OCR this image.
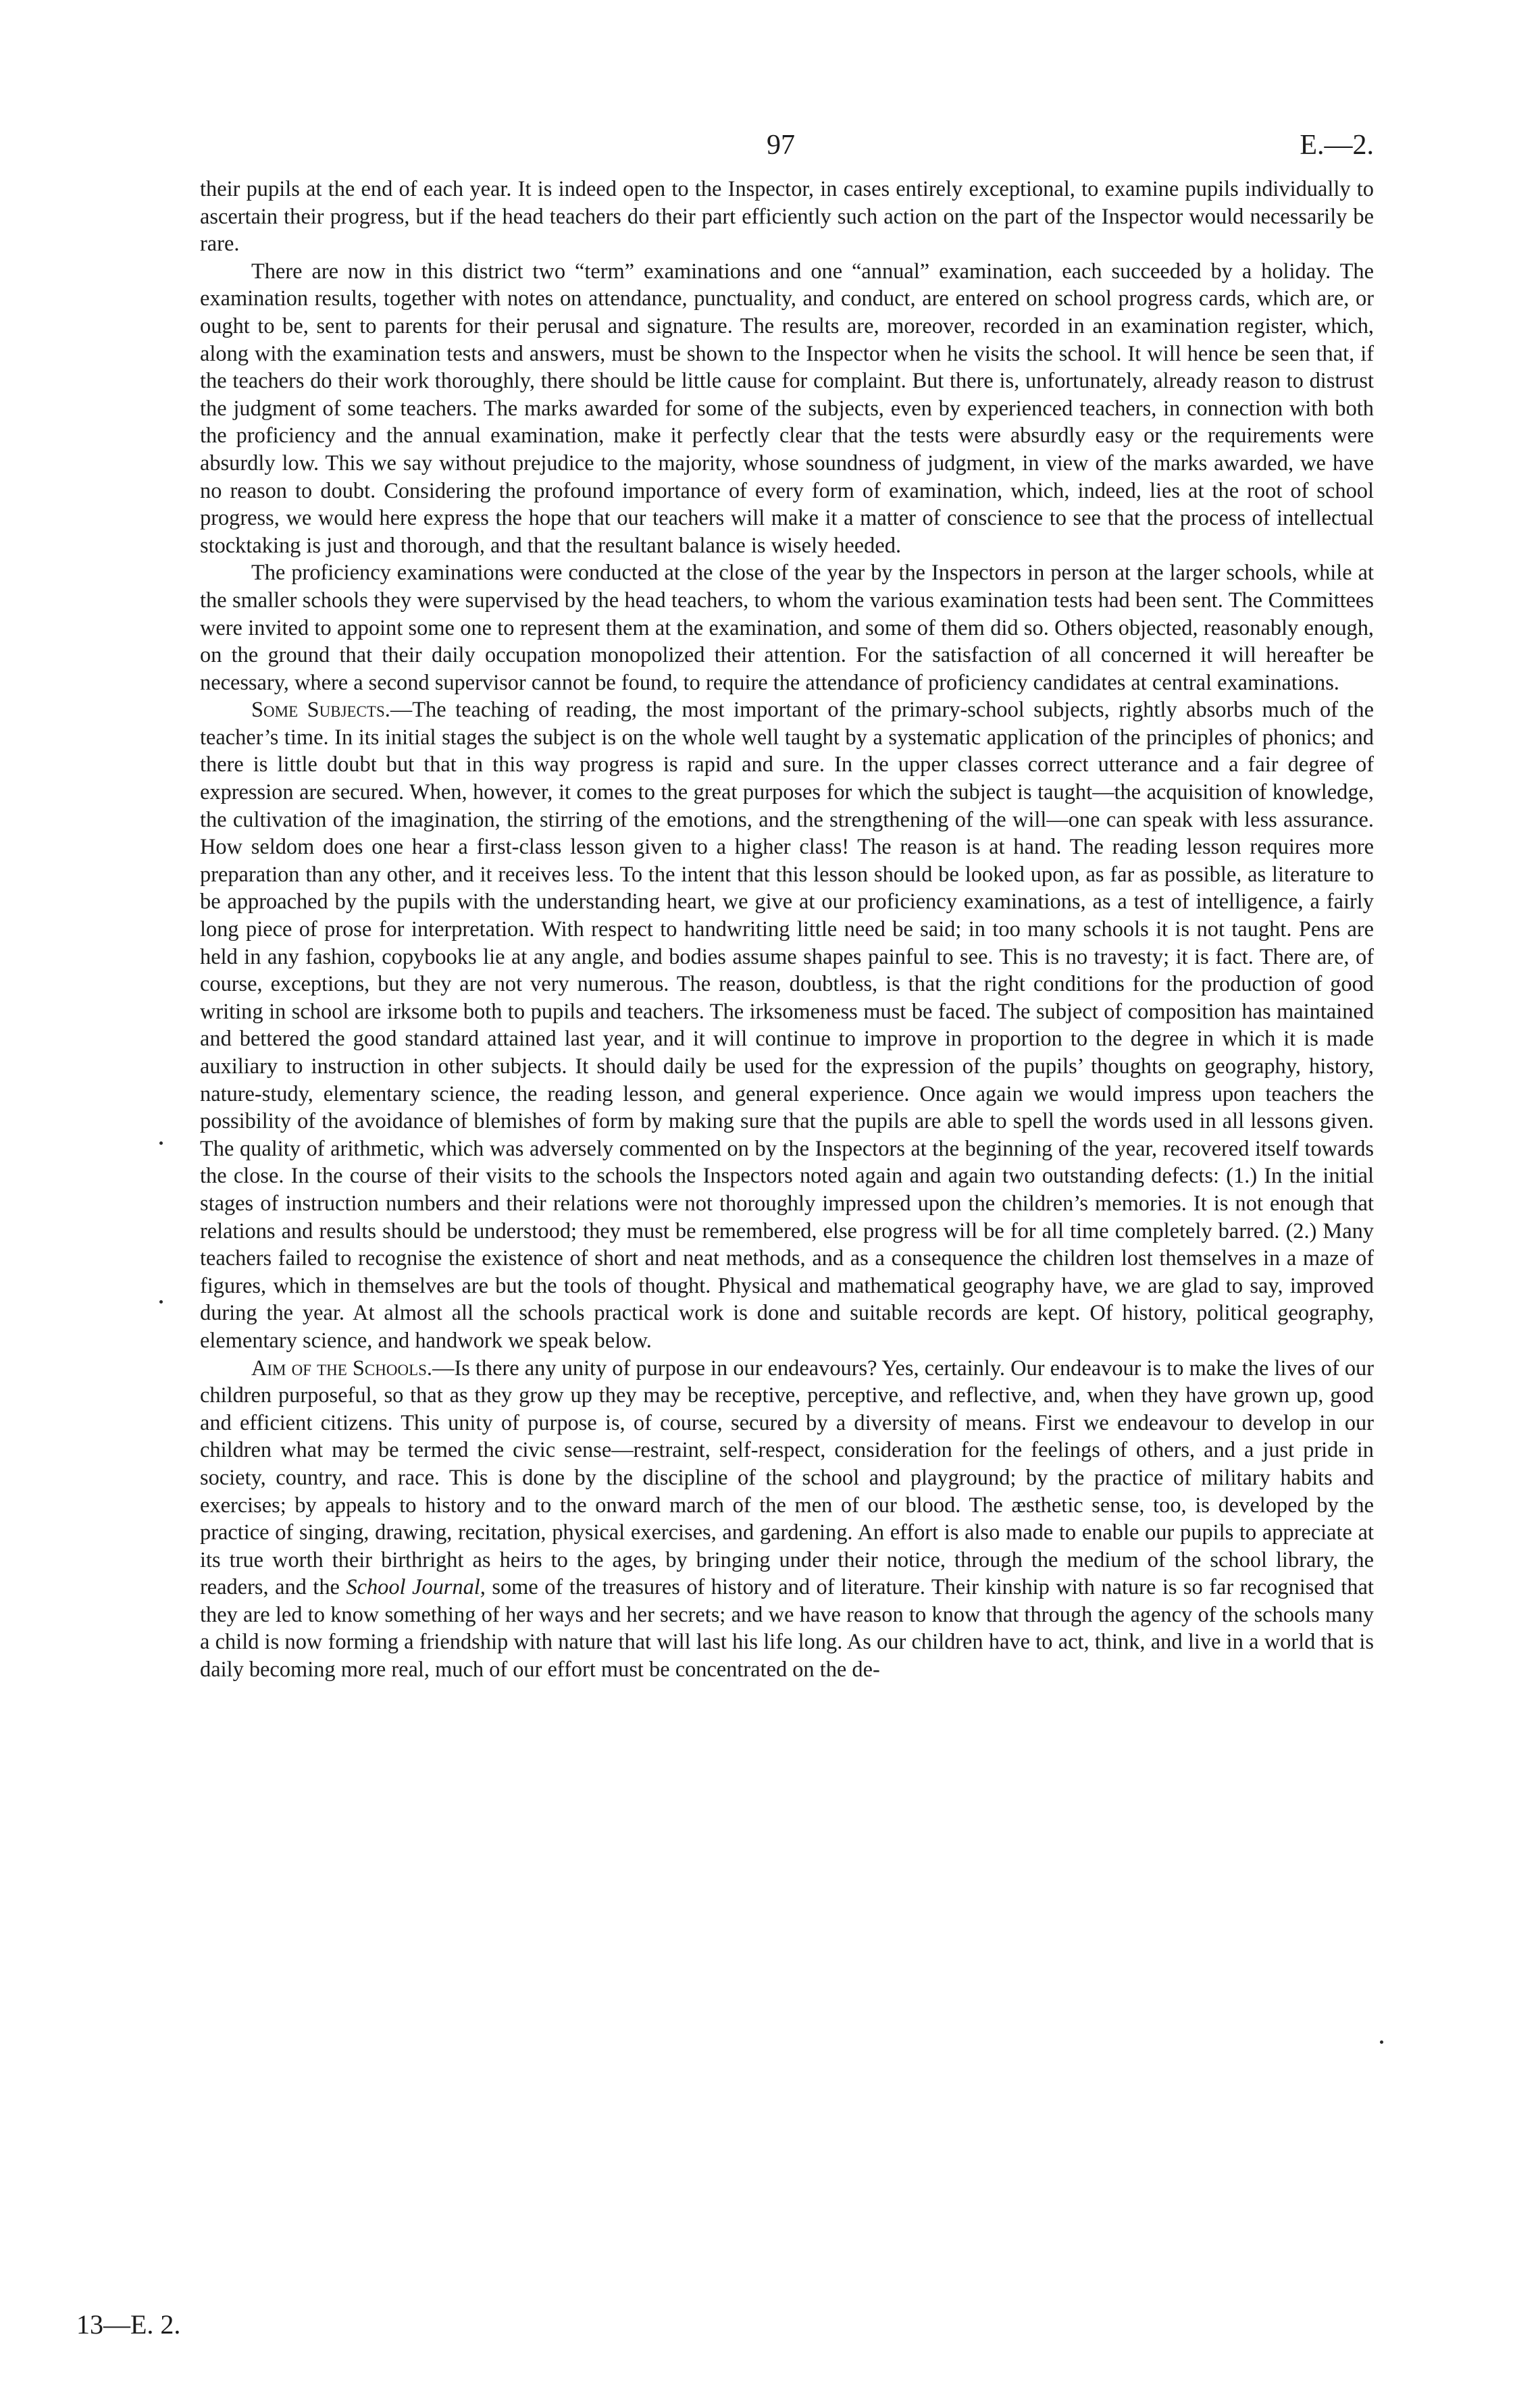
97	E.—2.

their pupils at the end of each year. It is indeed open to the Inspector, in cases entirely exceptional, to examine pupils individually to ascertain their progress, but if the head teachers do their part efficiently such action on the part of the Inspector would necessarily be rare.

There are now in this district two “term” examinations and one “annual” examination, each succeeded by a holiday. The examination results, together with notes on attendance, punctuality, and conduct, are entered on school progress cards, which are, or ought to be, sent to parents for their perusal and signature. The results are, moreover, recorded in an examination register, which, along with the examination tests and answers, must be shown to the Inspector when he visits the school. It will hence be seen that, if the teachers do their work thoroughly, there should be little cause for complaint. But there is, unfortunately, already reason to distrust the judgment of some teachers. The marks awarded for some of the subjects, even by experienced teachers, in connection with both the proficiency and the annual examination, make it perfectly clear that the tests were absurdly easy or the requirements were absurdly low. This we say without prejudice to the majority, whose soundness of judgment, in view of the marks awarded, we have no reason to doubt. Considering the profound importance of every form of examination, which, indeed, lies at the root of school progress, we would here express the hope that our teachers will make it a matter of conscience to see that the process of intellectual stocktaking is just and thorough, and that the resultant balance is wisely heeded.

The proficiency examinations were conducted at the close of the year by the Inspectors in person at the larger schools, while at the smaller schools they were supervised by the head teachers, to whom the various examination tests had been sent. The Committees were invited to appoint some one to represent them at the examination, and some of them did so. Others objected, reasonably enough, on the ground that their daily occupation monopolized their attention. For the satisfaction of all concerned it will hereafter be necessary, where a second supervisor cannot be found, to require the attendance of proficiency candidates at central examinations.

Some Subjects.—The teaching of reading, the most important of the primary-school subjects, rightly absorbs much of the teacher’s time. In its initial stages the subject is on the whole well taught by a systematic application of the principles of phonics; and there is little doubt but that in this way progress is rapid and sure. In the upper classes correct utterance and a fair degree of expression are secured. When, however, it comes to the great purposes for which the subject is taught—the acquisition of knowledge, the cultivation of the imagination, the stirring of the emotions, and the strengthening of the will—one can speak with less assurance. How seldom does one hear a first-class lesson given to a higher class! The reason is at hand. The reading lesson requires more preparation than any other, and it receives less. To the intent that this lesson should be looked upon, as far as possible, as literature to be approached by the pupils with the understanding heart, we give at our proficiency examinations, as a test of intelligence, a fairly long piece of prose for interpretation. With respect to handwriting little need be said; in too many schools it is not taught. Pens are held in any fashion, copybooks lie at any angle, and bodies assume shapes painful to see. This is no travesty; it is fact. There are, of course, exceptions, but they are not very numerous. The reason, doubtless, is that the right conditions for the production of good writing in school are irksome both to pupils and teachers. The irksomeness must be faced. The subject of composition has maintained and bettered the good standard attained last year, and it will continue to improve in proportion to the degree in which it is made auxiliary to instruction in other subjects. It should daily be used for the expression of the pupils’ thoughts on geography, history, nature-study, elementary science, the reading lesson, and general experience. Once again we would impress upon teachers the possibility of the avoidance of blemishes of form by making sure that the pupils are able to spell the words used in all lessons given. The quality of arithmetic, which was adversely commented on by the Inspectors at the beginning of the year, recovered itself towards the close. In the course of their visits to the schools the Inspectors noted again and again two outstanding defects: (1.) In the initial stages of instruction numbers and their relations were not thoroughly impressed upon the children’s memories. It is not enough that relations and results should be understood; they must be remembered, else progress will be for all time completely barred. (2.) Many teachers failed to recognise the existence of short and neat methods, and as a consequence the children lost themselves in a maze of figures, which in themselves are but the tools of thought. Physical and mathematical geography have, we are glad to say, improved during the year. At almost all the schools practical work is done and suitable records are kept. Of history, political geography, elementary science, and handwork we speak below.

Aim of the Schools.—Is there any unity of purpose in our endeavours? Yes, certainly. Our endeavour is to make the lives of our children purposeful, so that as they grow up they may be receptive, perceptive, and reflective, and, when they have grown up, good and efficient citizens. This unity of purpose is, of course, secured by a diversity of means. First we endeavour to develop in our children what may be termed the civic sense—restraint, self-respect, consideration for the feelings of others, and a just pride in society, country, and race. This is done by the discipline of the school and playground; by the practice of military habits and exercises; by appeals to history and to the onward march of the men of our blood. The æsthetic sense, too, is developed by the practice of singing, drawing, recitation, physical exercises, and gardening. An effort is also made to enable our pupils to appreciate at its true worth their birthright as heirs to the ages, by bringing under their notice, through the medium of the school library, the readers, and the School Journal, some of the treasures of history and of literature. Their kinship with nature is so far recognised that they are led to know something of her ways and her secrets; and we have reason to know that through the agency of the schools many a child is now forming a friendship with nature that will last his life long. As our children have to act, think, and live in a world that is daily becoming more real, much of our effort must be concentrated on the de-

13—E. 2.
